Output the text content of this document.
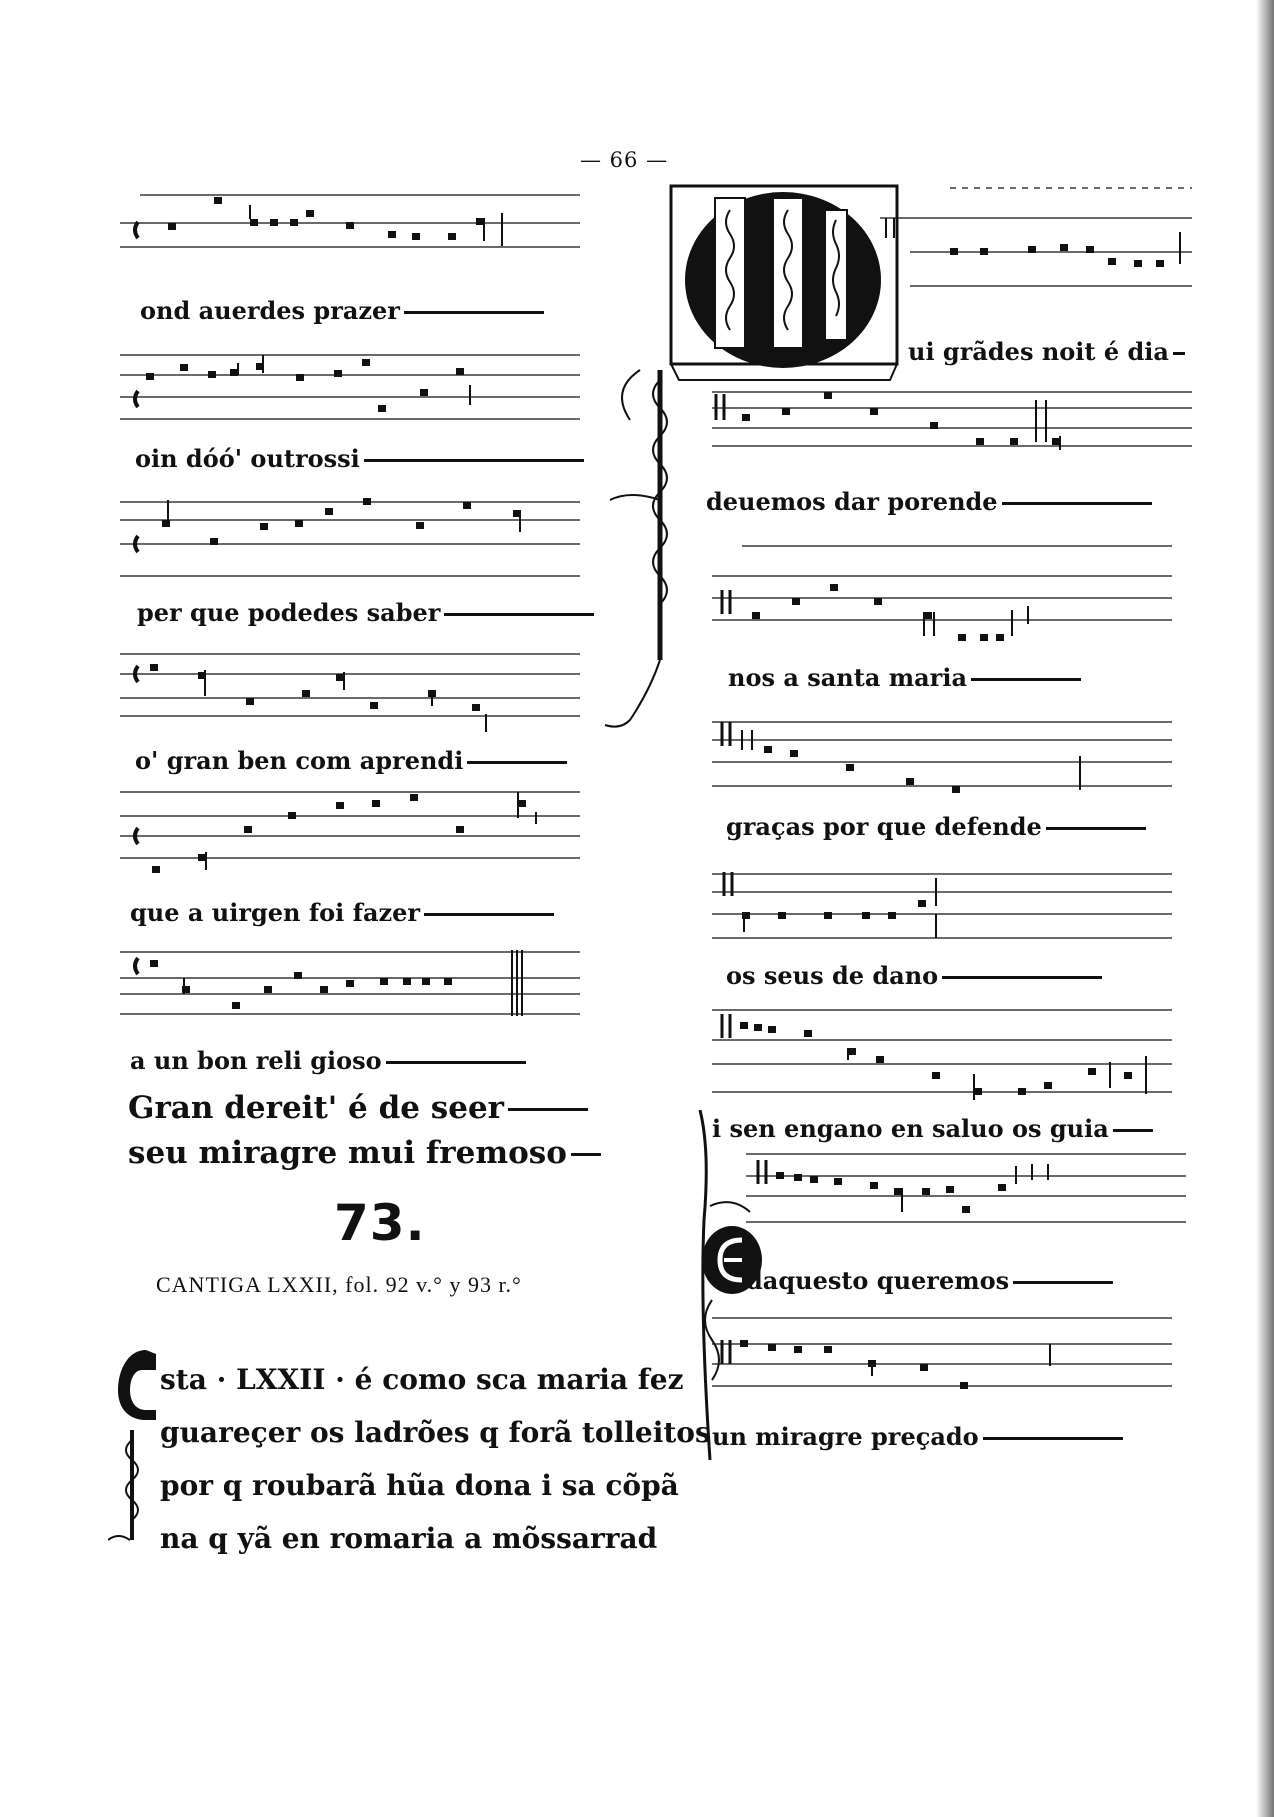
— 66 —
ond auerdes prazer
oin dóó' outrossi
per que podedes saber
o' gran ben com aprendi
que a uirgen foi fazer
a un bon reli gioso
Gran dereit' é de seer
seu miragre mui fremoso
73.
CANTIGA LXXII, fol. 92 v.° y 93 r.°
sta · LXXII · é como sca maria fez
guareçer os ladrões q forã tolleitos
por q roubarã hũa dona i sa cõpã
na q yã en romaria a mõssarrad
ui grãdes noit é dia
deuemos dar porende
nos a santa maria
graças por que defende
os seus de dano
i sen engano en saluo os guia
daquesto queremos
un miragre preçado
